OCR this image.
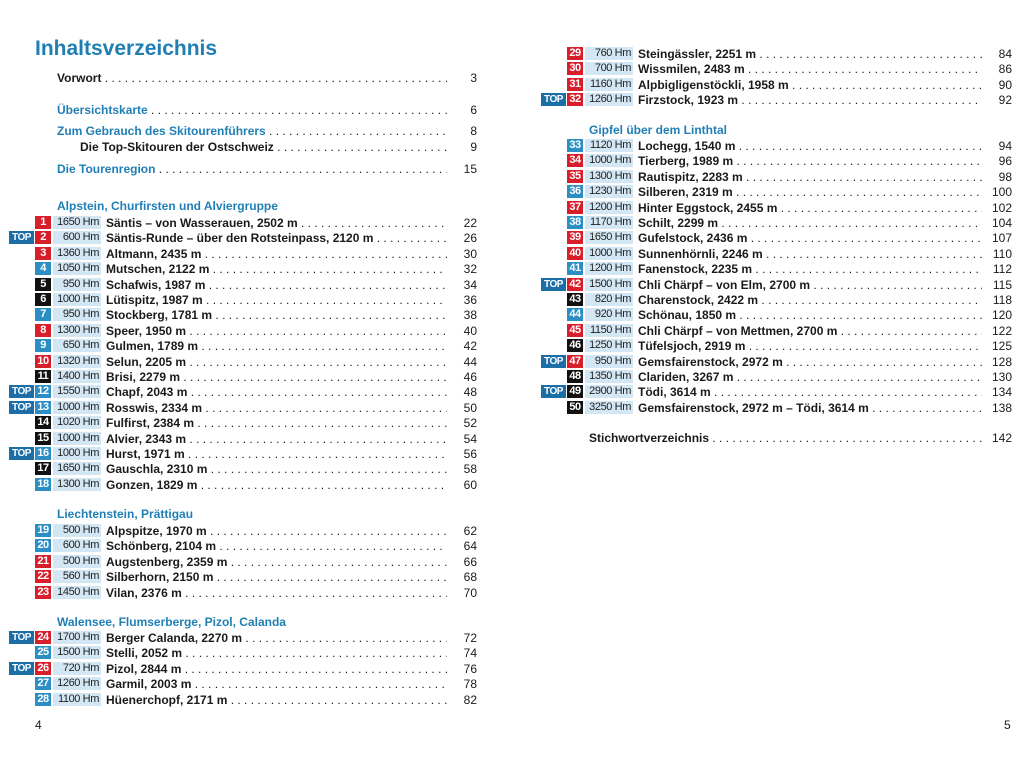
Inhaltsverzeichnis
Vorwort . . .	3
Übersichtskarte . . .	6
Zum Gebrauch des Skitourenführers . . .	8
Die Top-Skitouren der Ostschweiz . . .	9
Die Tourenregion . . .	15
Alpstein, Churfirsten und Alviergruppe
1	1650 Hm Säntis – von Wasserauen, 2502 m . . .	22
TOP 2	600 Hm Säntis-Runde – über den Rotsteinpass, 2120 m . . .	26
3	1360 Hm Altmann, 2435 m . . .	30
4	1050 Hm Mutschen, 2122 m . . .	32
5	950 Hm Schafwis, 1987 m . . .	34
6	1000 Hm Lütispitz, 1987 m . . .	36
7	950 Hm Stockberg, 1781 m . . .	38
8	1300 Hm Speer, 1950 m . . .	40
9	650 Hm Gulmen, 1789 m . . .	42
10 1320 Hm Selun, 2205 m . . .	44
11 1400 Hm Brisi, 2279 m . . .	46
TOP 12 1550 Hm Chapf, 2043 m . . .	48
TOP 13 1000 Hm Rosswis, 2334 m . . .	50
14 1020 Hm Fulfirst, 2384 m . . .	52
15 1000 Hm Alvier, 2343 m . . .	54
TOP 16 1000 Hm Hurst, 1971 m . . .	56
17 1650 Hm Gauschla, 2310 m . . .	58
18 1300 Hm Gonzen, 1829 m . . .	60
Liechtenstein, Prättigau
19	500 Hm Alpspitze, 1970 m . . .	62
20	600 Hm Schönberg, 2104 m . . .	64
21	500 Hm Augstenberg, 2359 m . . .	66
22	560 Hm Silberhorn, 2150 m . . .	68
23 1450 Hm Vilan, 2376 m . . .	70
Walensee, Flumserberge, Pizol, Calanda
TOP 24 1700 Hm Berger Calanda, 2270 m . . .	72
25 1500 Hm Stelli, 2052 m . . .	74
TOP 26	720 Hm Pizol, 2844 m . . .	76
27 1260 Hm Garmil, 2003 m . . .	78
28 1100 Hm Hüenerchopf, 2171 m . . .	82
29	760 Hm Steingässler, 2251 m . . .	84
30	700 Hm Wissmilen, 2483 m . . .	86
31 1160 Hm Alpbigligenstöckli, 1958 m . . .	90
TOP 32 1260 Hm Firzstock, 1923 m . . .	92
Gipfel über dem Linthtal
33 1120 Hm Lochegg, 1540 m . . .	94
34 1000 Hm Tierberg, 1989 m . . .	96
35 1300 Hm Rautispitz, 2283 m . . .	98
36 1230 Hm Silberen, 2319 m . . .	100
37 1200 Hm Hinter Eggstock, 2455 m . . .	102
38 1170 Hm Schilt, 2299 m . . .	104
39 1650 Hm Gufelstock, 2436 m . . .	107
40 1000 Hm Sunnenhörnli, 2246 m . . .	110
41 1200 Hm Fanenstock, 2235 m . . .	112
TOP 42 1500 Hm Chli Chärpf – von Elm, 2700 m . . .	115
43	820 Hm Charenstock, 2422 m . . .	118
44	920 Hm Schönau, 1850 m . . .	120
45 1150 Hm Chli Chärpf – von Mettmen, 2700 m . . .	122
46 1250 Hm Tüfelsjoch, 2919 m . . .	125
TOP 47	950 Hm Gemsfairenstock, 2972 m . . .	128
48 1350 Hm Clariden, 3267 m . . .	130
TOP 49 2900 Hm Tödi, 3614 m . . .	134
50 3250 Hm Gemsfairenstock, 2972 m – Tödi, 3614 m . . .	138
Stichwortverzeichnis . . .	142
4	5
